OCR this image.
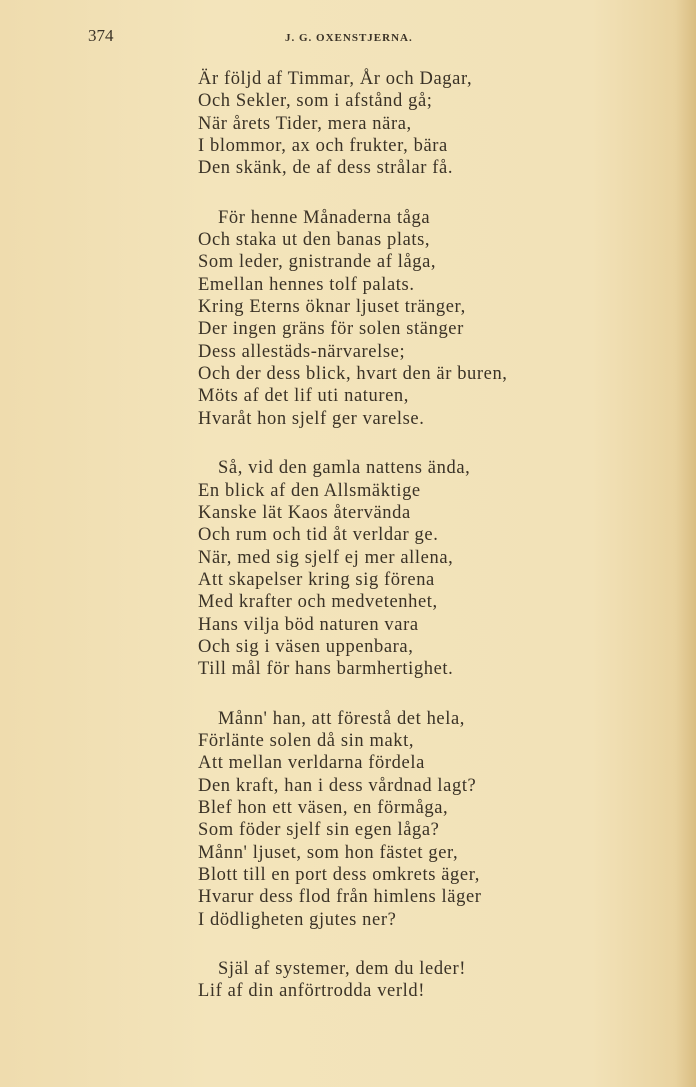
374	J. G. OXENSTJERNA.
Är följd af Timmar, År och Dagar,
Och Sekler, som i afstånd gå;
När årets Tider, mera nära,
I blommor, ax och frukter, bära
Den skänk, de af dess strålar få.
För henne Månaderna tåga
Och staka ut den banas plats,
Som leder, gnistrande af låga,
Emellan hennes tolf palats.
Kring Eterns öknar ljuset tränger,
Der ingen gräns för solen stänger
Dess allestäds-närvarelse;
Och der dess blick, hvart den är buren,
Möts af det lif uti naturen,
Hvaråt hon sjelf ger varelse.
Så, vid den gamla nattens ända,
En blick af den Allsmäktige
Kanske lät Kaos återvända
Och rum och tid åt verldar ge.
När, med sig sjelf ej mer allena,
Att skapelser kring sig förena
Med krafter och medvetenhet,
Hans vilja böd naturen vara
Och sig i väsen uppenbara,
Till mål för hans barmhertighet.
Månn' han, att förestå det hela,
Förlänte solen då sin makt,
Att mellan verldarna fördela
Den kraft, han i dess vårdnad lagt?
Blef hon ett väsen, en förmåga,
Som föder sjelf sin egen låga?
Månn' ljuset, som hon fästet ger,
Blott till en port dess omkrets äger,
Hvarur dess flod från himlens läger
I dödligheten gjutes ner?
Själ af systemer, dem du leder!
Lif af din anförtrodda verld!
